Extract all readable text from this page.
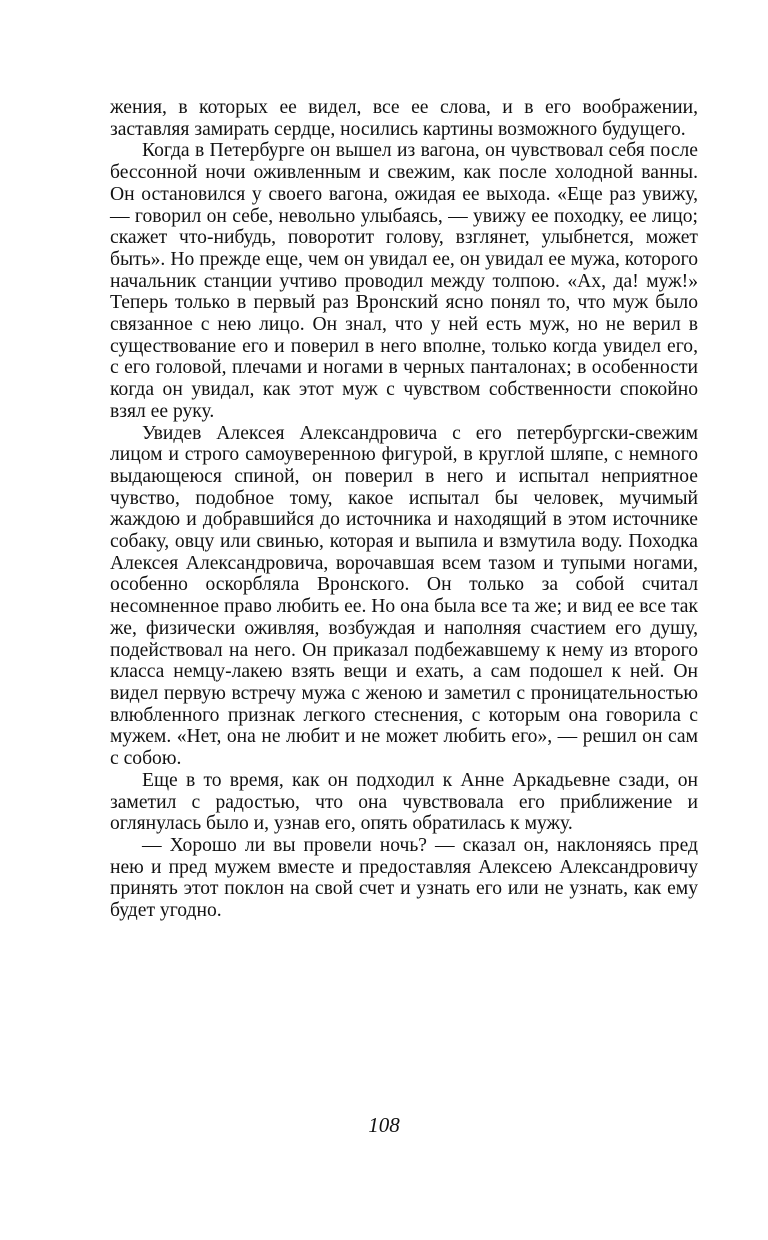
жения, в которых ее видел, все ее слова, и в его воображении, заставляя замирать сердце, носились картины возможного будущего.

Когда в Петербурге он вышел из вагона, он чувствовал себя после бессонной ночи оживленным и свежим, как после холодной ванны. Он остановился у своего вагона, ожидая ее выхода. «Еще раз увижу, — говорил он себе, невольно улыбаясь, — увижу ее походку, ее лицо; скажет что-нибудь, поворотит голову, взглянет, улыбнется, может быть». Но прежде еще, чем он увидал ее, он увидал ее мужа, которого начальник станции учтиво проводил между толпою. «Ах, да! муж!» Теперь только в первый раз Вронский ясно понял то, что муж было связанное с нею лицо. Он знал, что у ней есть муж, но не верил в существование его и поверил в него вполне, только когда увидел его, с его головой, плечами и ногами в черных панталонах; в особенности когда он увидал, как этот муж с чувством собственности спокойно взял ее руку.

Увидев Алексея Александровича с его петербургски-свежим лицом и строго самоуверенною фигурой, в круглой шляпе, с немного выдающеюся спиной, он поверил в него и испытал неприятное чувство, подобное тому, какое испытал бы человек, мучимый жаждою и добравшийся до источника и находящий в этом источнике собаку, овцу или свинью, которая и выпила и взмутила воду. Походка Алексея Александровича, ворочавшая всем тазом и тупыми ногами, особенно оскорбляла Вронского. Он только за собой считал несомненное право любить ее. Но она была все та же; и вид ее все так же, физически оживляя, возбуждая и наполняя счастием его душу, подействовал на него. Он приказал подбежавшему к нему из второго класса немцу-лакею взять вещи и ехать, а сам подошел к ней. Он видел первую встречу мужа с женою и заметил с проницательностью влюбленного признак легкого стеснения, с которым она говорила с мужем. «Нет, она не любит и не может любить его», — решил он сам с собою.

Еще в то время, как он подходил к Анне Аркадьевне сзади, он заметил с радостью, что она чувствовала его приближение и оглянулась было и, узнав его, опять обратилась к мужу.

— Хорошо ли вы провели ночь? — сказал он, наклоняясь пред нею и пред мужем вместе и предоставляя Алексею Александровичу принять этот поклон на свой счет и узнать его или не узнать, как ему будет угодно.

108
